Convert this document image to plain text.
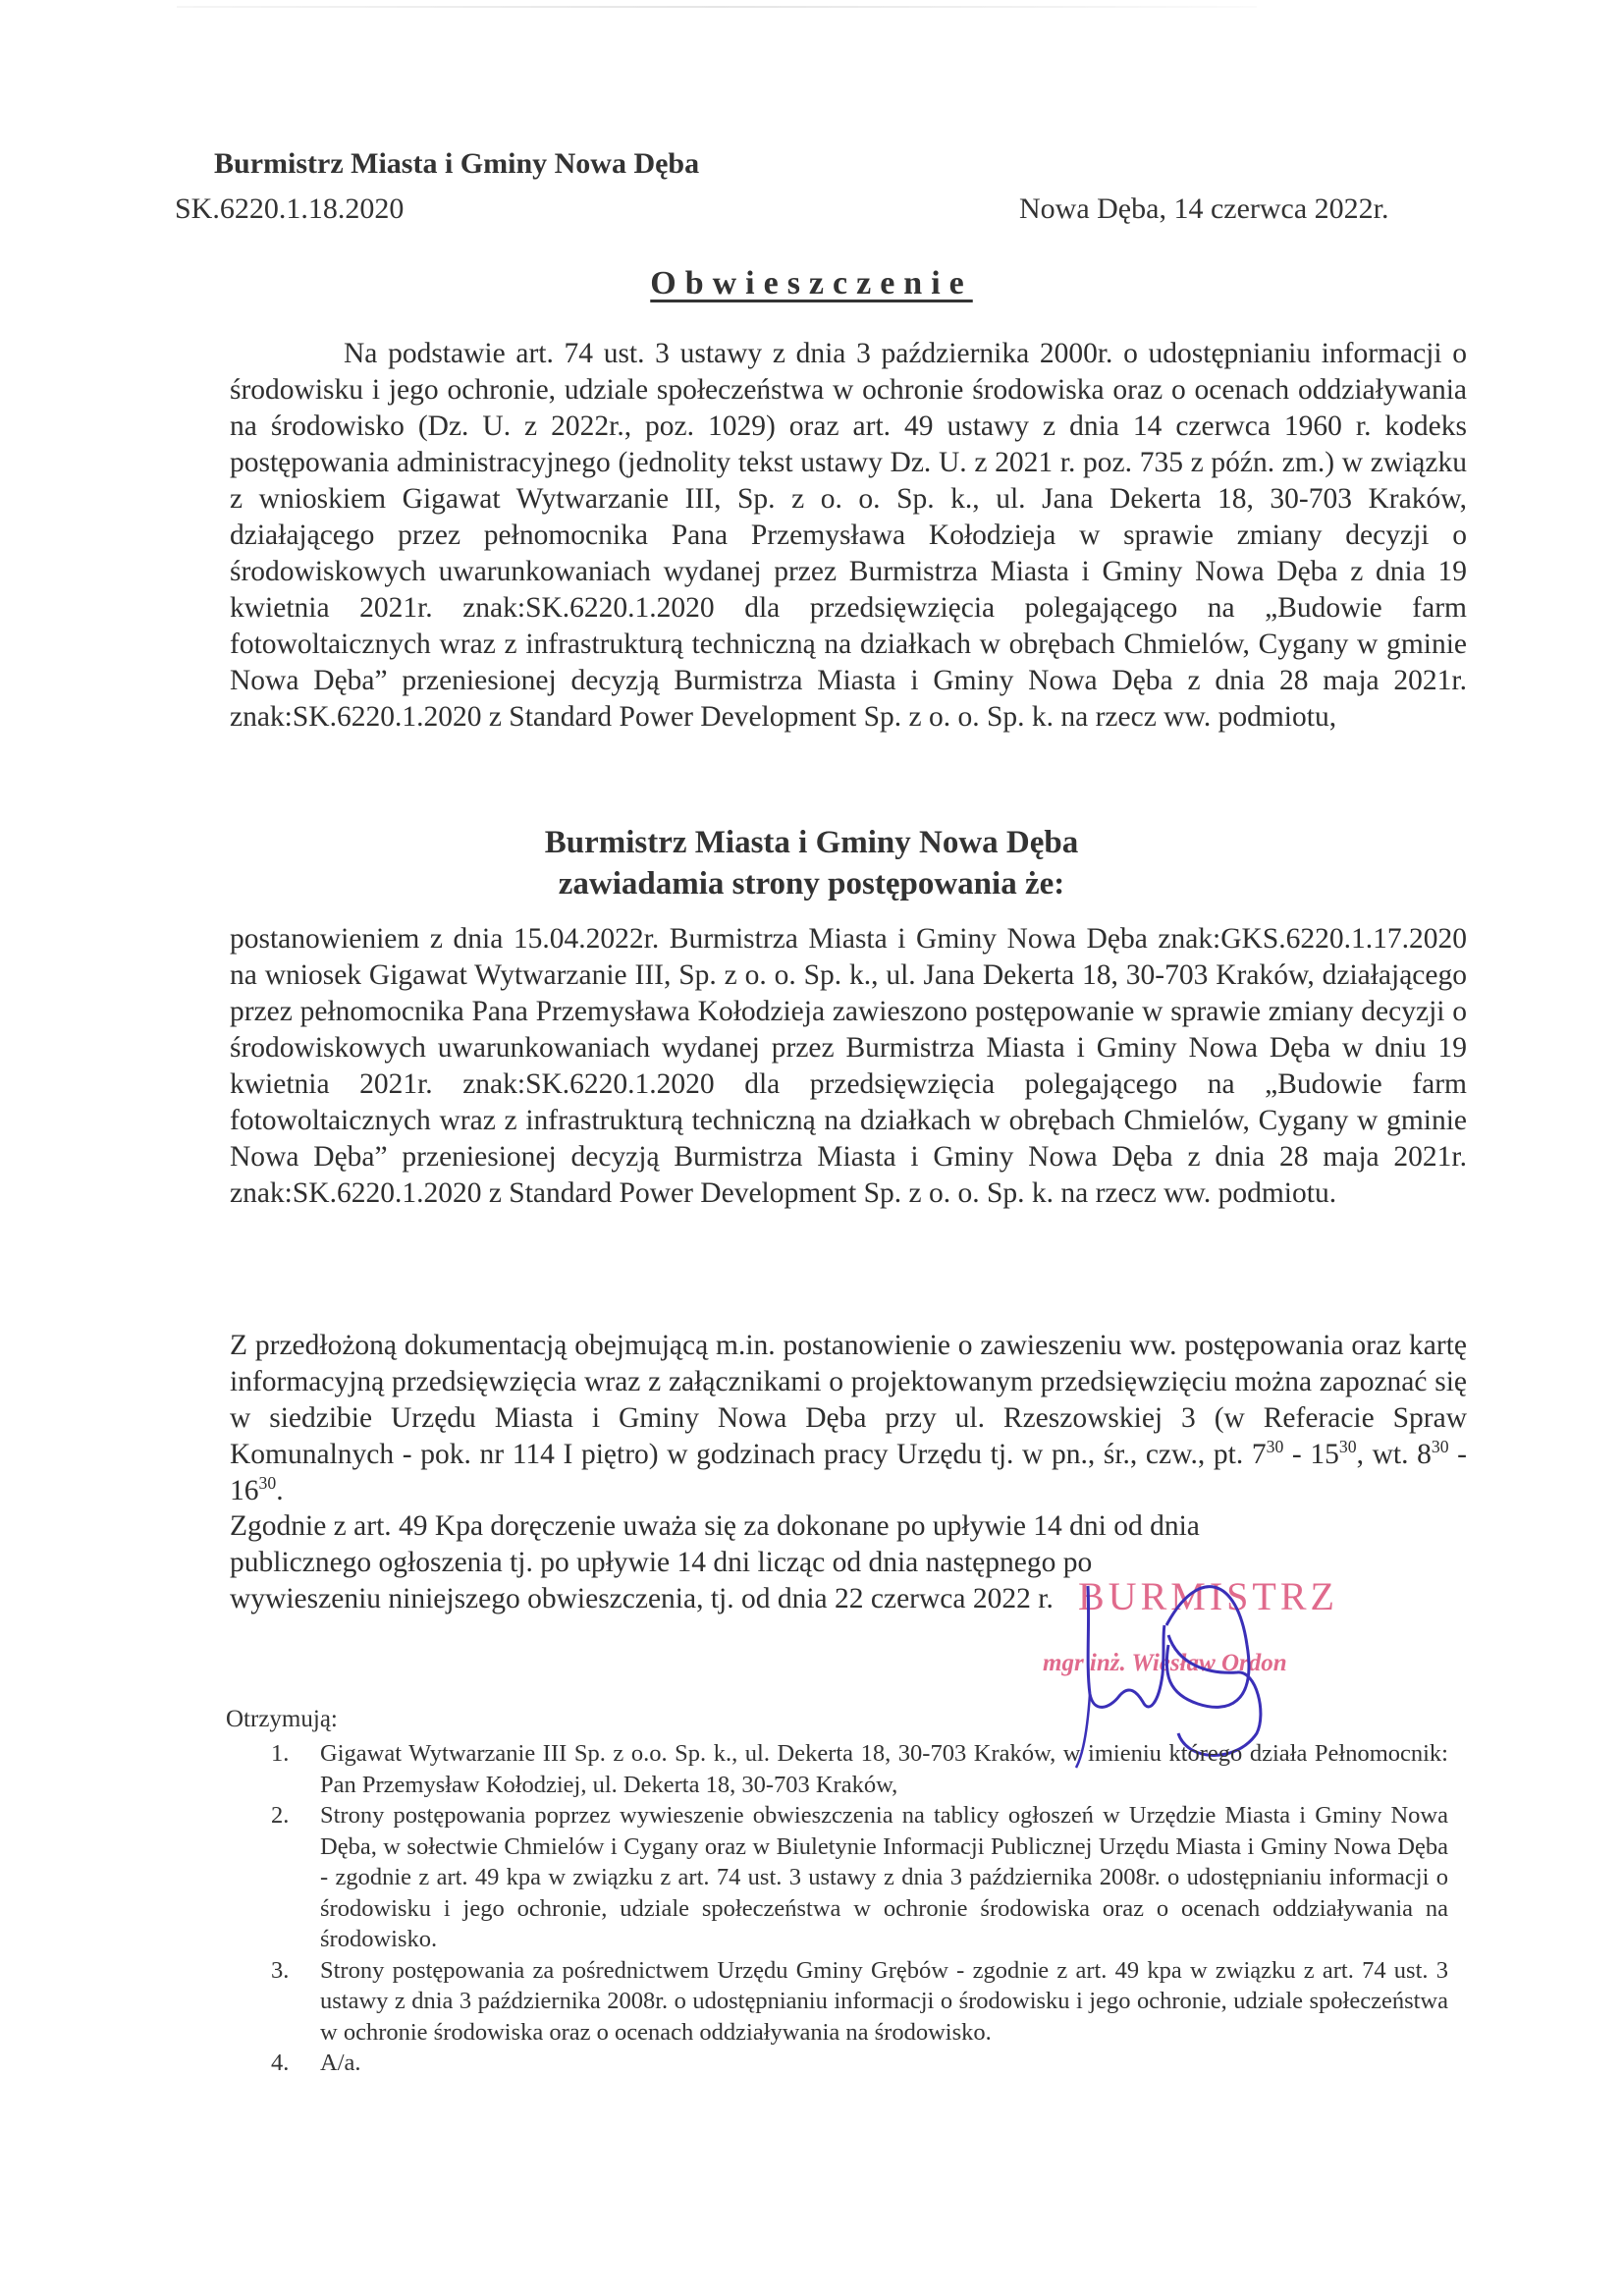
Burmistrz Miasta i Gminy Nowa Dęba
SK.6220.1.18.2020	Nowa Dęba, 14 czerwca 2022r.
Obwieszczenie
Na podstawie art. 74 ust. 3 ustawy z dnia 3 października 2000r. o udostępnianiu informacji o środowisku i jego ochronie, udziale społeczeństwa w ochronie środowiska oraz o ocenach oddziaływania na środowisko (Dz. U. z 2022r., poz. 1029) oraz art. 49 ustawy z dnia 14 czerwca 1960 r. kodeks postępowania administracyjnego (jednolity tekst ustawy Dz. U. z 2021 r. poz. 735 z późn. zm.) w związku z wnioskiem Gigawat Wytwarzanie III, Sp. z o. o. Sp. k., ul. Jana Dekerta 18, 30-703 Kraków, działającego przez pełnomocnika Pana Przemysława Kołodzieja w sprawie zmiany decyzji o środowiskowych uwarunkowaniach wydanej przez Burmistrza Miasta i Gminy Nowa Dęba z dnia 19 kwietnia 2021r. znak:SK.6220.1.2020 dla przedsięwzięcia polegającego na „Budowie farm fotowoltaicznych wraz z infrastrukturą techniczną na działkach w obrębach Chmielów, Cygany w gminie Nowa Dęba” przeniesionej decyzją Burmistrza Miasta i Gminy Nowa Dęba z dnia 28 maja 2021r. znak:SK.6220.1.2020 z Standard Power Development Sp. z o. o. Sp. k. na rzecz ww. podmiotu,
Burmistrz Miasta i Gminy Nowa Dęba
zawiadamia strony postępowania że:
postanowieniem z dnia 15.04.2022r. Burmistrza Miasta i Gminy Nowa Dęba znak:GKS.6220.1.17.2020 na wniosek Gigawat Wytwarzanie III, Sp. z o. o. Sp. k., ul. Jana Dekerta 18, 30-703 Kraków, działającego przez pełnomocnika Pana Przemysława Kołodzieja zawieszono postępowanie w sprawie zmiany decyzji o środowiskowych uwarunkowaniach wydanej przez Burmistrza Miasta i Gminy Nowa Dęba w dniu 19 kwietnia 2021r. znak:SK.6220.1.2020 dla przedsięwzięcia polegającego na „Budowie farm fotowoltaicznych wraz z infrastrukturą techniczną na działkach w obrębach Chmielów, Cygany w gminie Nowa Dęba” przeniesionej decyzją Burmistrza Miasta i Gminy Nowa Dęba z dnia 28 maja 2021r. znak:SK.6220.1.2020 z Standard Power Development Sp. z o. o. Sp. k. na rzecz ww. podmiotu.
Z przedłożoną dokumentacją obejmującą m.in. postanowienie o zawieszeniu ww. postępowania oraz kartę informacyjną przedsięwzięcia wraz z załącznikami o projektowanym przedsięwzięciu można zapoznać się w siedzibie Urzędu Miasta i Gminy Nowa Dęba przy ul. Rzeszowskiej 3 (w Referacie Spraw Komunalnych - pok. nr 114 I piętro) w godzinach pracy Urzędu tj. w pn., śr., czw., pt. $7^{30} - 15^{30}$, wt. $8^{30} - 16^{30}$.
Zgodnie z art. 49 Kpa doręczenie uważa się za dokonane po upływie 14 dni od dnia publicznego ogłoszenia tj. po upływie 14 dni licząc od dnia następnego po wywieszeniu niniejszego obwieszczenia, tj. od dnia 22 czerwca 2022 r. BURMISTRZ
mgr inż. Wiesław Ordon
Otrzymują:
1. Gigawat Wytwarzanie III Sp. z o.o. Sp. k., ul. Dekerta 18, 30-703 Kraków, w imieniu którego działa Pełnomocnik: Pan Przemysław Kołodziej, ul. Dekerta 18, 30-703 Kraków,
2. Strony postępowania poprzez wywieszenie obwieszczenia na tablicy ogłoszeń w Urzędzie Miasta i Gminy Nowa Dęba, w sołectwie Chmielów i Cygany oraz w Biuletynie Informacji Publicznej Urzędu Miasta i Gminy Nowa Dęba - zgodnie z art. 49 kpa w związku z art. 74 ust. 3 ustawy z dnia 3 października 2008r. o udostępnianiu informacji o środowisku i jego ochronie, udziale społeczeństwa w ochronie środowiska oraz o ocenach oddziaływania na środowisko.
3. Strony postępowania za pośrednictwem Urzędu Gminy Grębów - zgodnie z art. 49 kpa w związku z art. 74 ust. 3 ustawy z dnia 3 października 2008r. o udostępnianiu informacji o środowisku i jego ochronie, udziale społeczeństwa w ochronie środowiska oraz o ocenach oddziaływania na środowisko.
4. A/a.
